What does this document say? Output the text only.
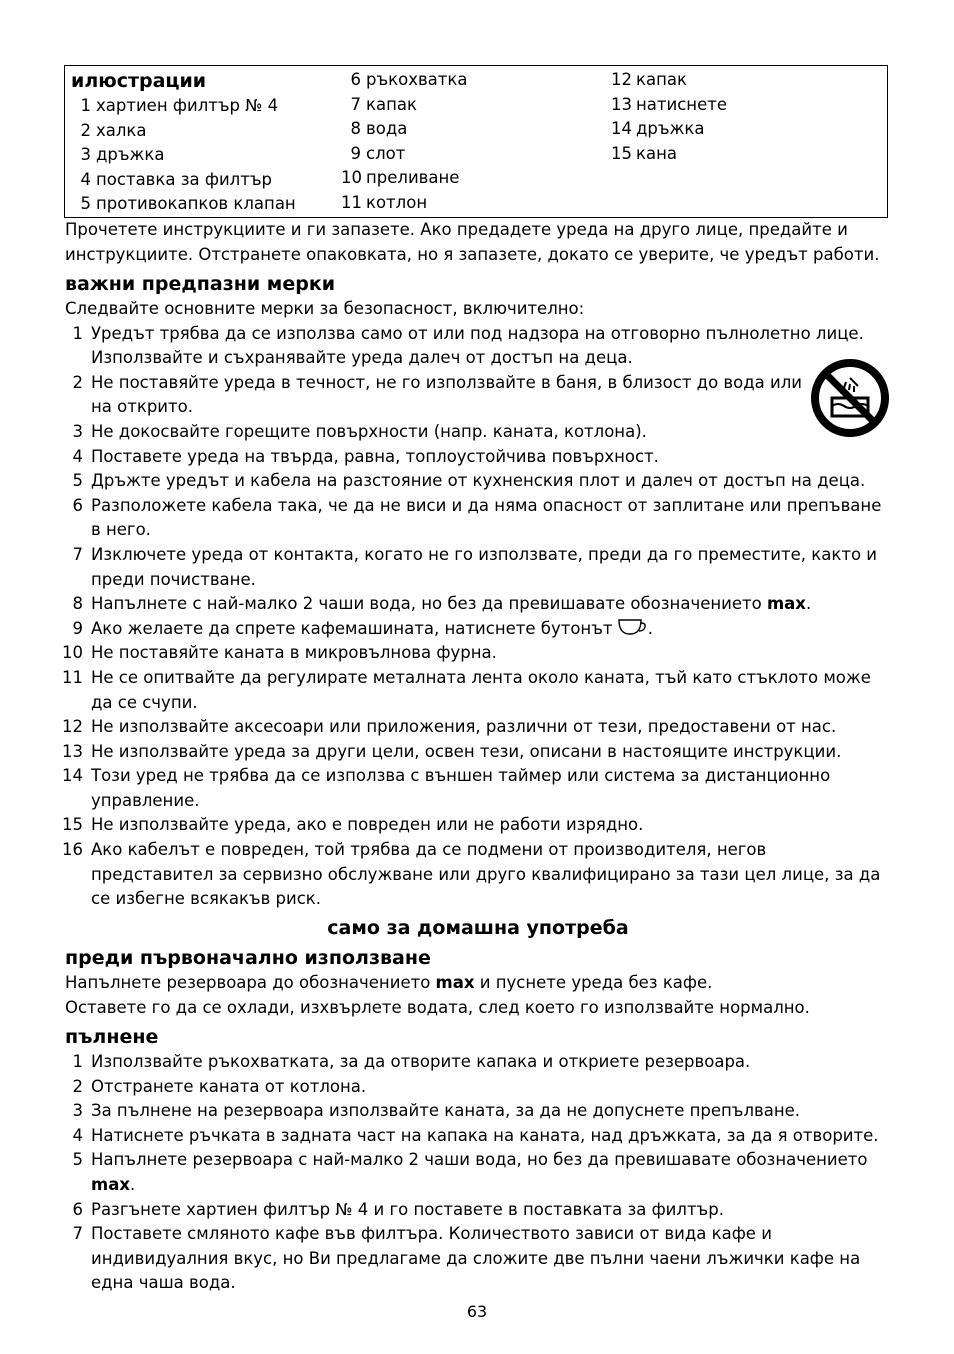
илюстрации
1 хартиен филтър № 4
2 халка
3 дръжка
4 поставка за филтър
5 противокапков клапан
6 ръкохватка
7 капак
8 вода
9 слот
10 преливане
11 котлон
12 капак
13 натиснете
14 дръжка
15 кана
Прочетете инструкциите и ги запазете. Ако предадете уреда на друго лице, предайте и инструкциите. Отстранете опаковката, но я запазете, докато се уверите, че уредът работи.
важни предпазни мерки
Следвайте основните мерки за безопасност, включително:
1 Уредът трябва да се използва само от или под надзора на отговорно пълнолетно лице. Използвайте и съхранявайте уреда далеч от достъп на деца.
2 Не поставяйте уреда в течност, не го използвайте в баня, в близост до вода или на открито.
3 Не докосвайте горещите повърхности (напр. каната, котлона).
4 Поставете уреда на твърда, равна, топлоустойчива повърхност.
5 Дръжте уредът и кабела на разстояние от кухненския плот и далеч от достъп на деца.
6 Разположете кабела така, че да не виси и да няма опасност от заплитане или препъване в него.
7 Изключете уреда от контакта, когато не го използвате, преди да го преместите, както и преди почистване.
8 Напълнете с най-малко 2 чаши вода, но без да превишавате обозначението max.
9 Ако желаете да спрете кафемашината, натиснете бутонът .
10 Не поставяйте каната в микровълнова фурна.
11 Не се опитвайте да регулирате металната лента около каната, тъй като стъклото може да се счупи.
12 Не използвайте аксесоари или приложения, различни от тези, предоставени от нас.
13 Не използвайте уреда за други цели, освен тези, описани в настоящите инструкции.
14 Този уред не трябва да се използва с външен таймер или система за дистанционно управление.
15 Не използвайте уреда, ако е повреден или не работи изрядно.
16 Ако кабелът е повреден, той трябва да се подмени от производителя, негов представител за сервизно обслужване или друго квалифицирано за тази цел лице, за да се избегне всякакъв риск.
само за домашна употреба
преди първоначално използване
Напълнете резервоара до обозначението max и пуснете уреда без кафе.
Оставете го да се охлади, изхвърлете водата, след което го използвайте нормално.
пълнене
1 Използвайте ръкохватката, за да отворите капака и откриете резервоара.
2 Отстранете каната от котлона.
3 За пълнене на резервоара използвайте каната, за да не допуснете препълване.
4 Натиснете ръчката в задната част на капака на каната, над дръжката, за да я отворите.
5 Напълнете резервоара с най-малко 2 чаши вода, но без да превишавате обозначението max.
6 Разгънете хартиен филтър № 4 и го поставете в поставката за филтър.
7 Поставете смляното кафе във филтъра. Количеството зависи от вида кафе и индивидуалния вкус, но Ви предлагаме да сложите две пълни чаени лъжички кафе на една чаша вода.
63
